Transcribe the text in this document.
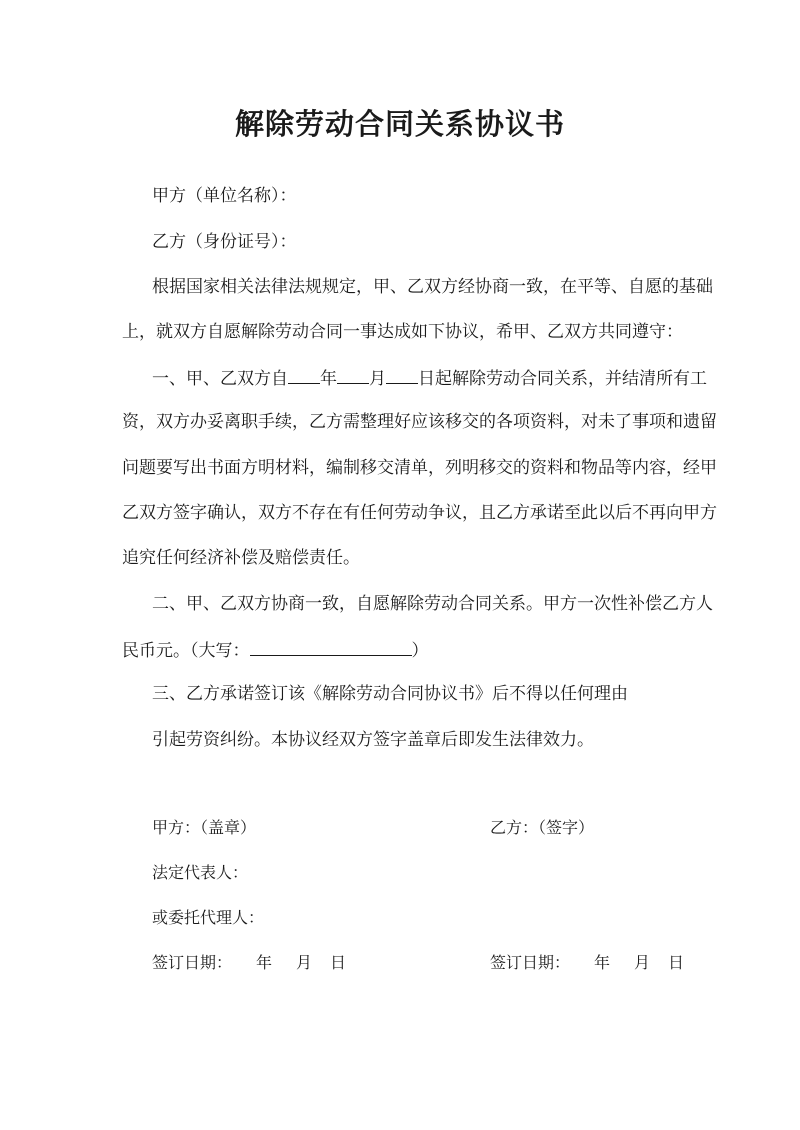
解除劳动合同关系协议书
甲方（单位名称）：
乙方（身份证号）：
根据国家相关法律法规规定，甲、乙双方经协商一致，在平等、自愿的基础
上，就双方自愿解除劳动合同一事达成如下协议，希甲、乙双方共同遵守：
一、甲、乙双方自 年 月 日起解除劳动合同关系，并结清所有工
资，双方办妥离职手续，乙方需整理好应该移交的各项资料，对未了事项和遗留
问题要写出书面方明材料，编制移交清单，列明移交的资料和物品等内容，经甲
乙双方签字确认，双方不存在有任何劳动争议，且乙方承诺至此以后不再向甲方
追究任何经济补偿及赔偿责任。
二、甲、乙双方协商一致，自愿解除劳动合同关系。甲方一次性补偿乙方人
民币元。（大写：	）
三、乙方承诺签订该《解除劳动合同协议书》后不得以任何理由
引起劳资纠纷。本协议经双方签字盖章后即发生法律效力。
甲方：（盖章）	乙方：（签字）
法定代表人：
或委托代理人：
签订日期： 年 月 日	签订日期： 年 月 日
